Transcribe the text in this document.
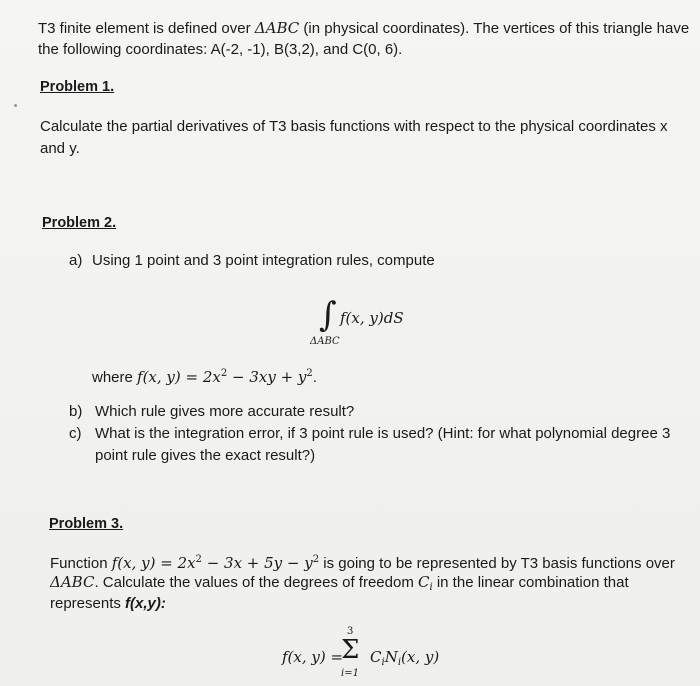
T3 finite element is defined over ΔABC (in physical coordinates). The vertices of this triangle have
the following coordinates: A(-2, -1), B(3,2), and C(0, 6).
Problem 1.
Calculate the partial derivatives of T3 basis functions with respect to the physical coordinates x
and y.
Problem 2.
a) Using 1 point and 3 point integration rules, compute
∫ f(x, y)dS
ΔABC
where f(x, $y) = 2x^2 - 3xy + y^2$.
b) Which rule gives more accurate result?
c) What is the integration error, if 3 point rule is used? (Hint: for what polynomial degree 3
point rule gives the exact result?)
Problem 3.
Function f(x, $y) = 2x^2 - 3x + 5y - y^2$ is going to be represented by T3 basis functions over
ΔABC. Calculate the values of the degrees of freedom $C_i$ in the linear combination that
represents f(x,y):
f(x, y) =
3
Σ
i=1
$C_iN_i(x$, y)
